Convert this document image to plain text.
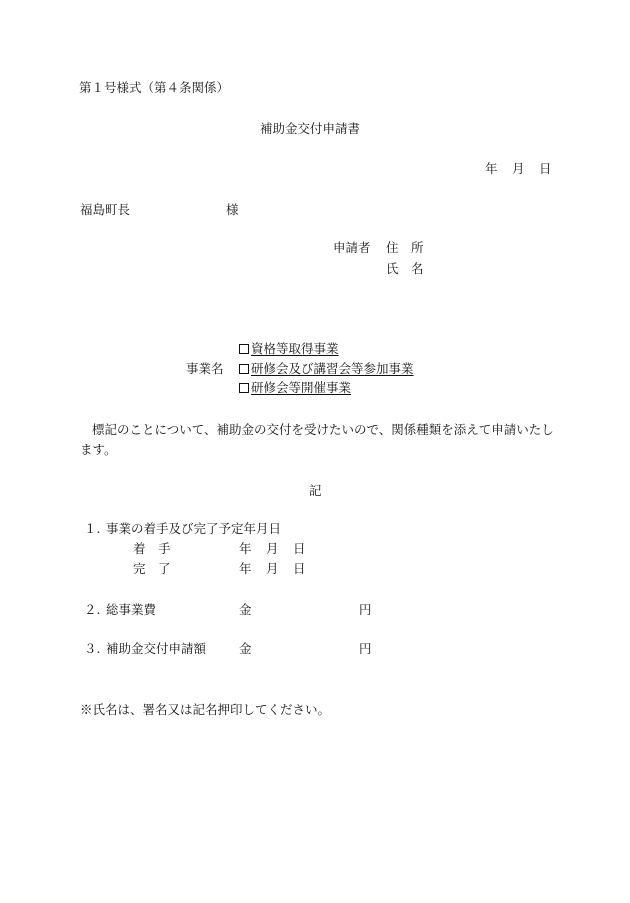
第１号様式（第４条関係）
補助金交付申請書
年 月 日
福島町長	様
申請者 住　所
氏　名
事業名
資格等取得事業
研修会及び講習会等参加事業
研修会等開催事業
標記のことについて、補助金の交付を受けたいので、関係種類を添えて申請いたします。
記
１. 事業の着手及び完了予定年月日
着　手	年 月 日
完　了	年 月 日
２. 総事業費	金	円
３. 補助金交付申請額	金	円
※氏名は、署名又は記名押印してください。
